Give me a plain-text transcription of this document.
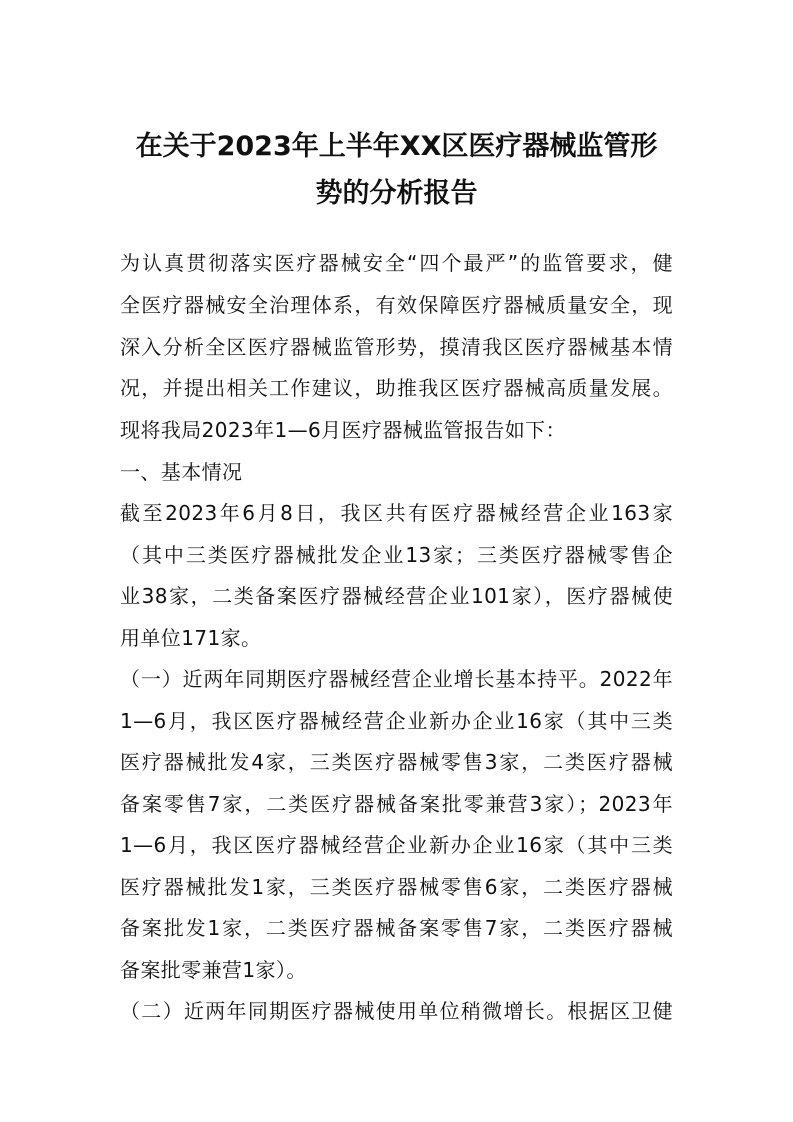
在关于2023年上半年XX区医疗器械监管形
势的分析报告
为认真贯彻落实医疗器械安全“四个最严”的监管要求，健
全医疗器械安全治理体系，有效保障医疗器械质量安全，现
深入分析全区医疗器械监管形势，摸清我区医疗器械基本情
况，并提出相关工作建议，助推我区医疗器械高质量发展。
现将我局2023年1—6月医疗器械监管报告如下：
一、基本情况
截至2023年6月8日，我区共有医疗器械经营企业163家
（其中三类医疗器械批发企业13家；三类医疗器械零售企
业38家，二类备案医疗器械经营企业101家），医疗器械使
用单位171家。
（一）近两年同期医疗器械经营企业增长基本持平。2022年
1—6月，我区医疗器械经营企业新办企业16家（其中三类
医疗器械批发4家，三类医疗器械零售3家，二类医疗器械
备案零售7家，二类医疗器械备案批零兼营3家）；2023年
1—6月，我区医疗器械经营企业新办企业16家（其中三类
医疗器械批发1家，三类医疗器械零售6家，二类医疗器械
备案批发1家，二类医疗器械备案零售7家，二类医疗器械
备案批零兼营1家）。
（二）近两年同期医疗器械使用单位稍微增长。根据区卫健
